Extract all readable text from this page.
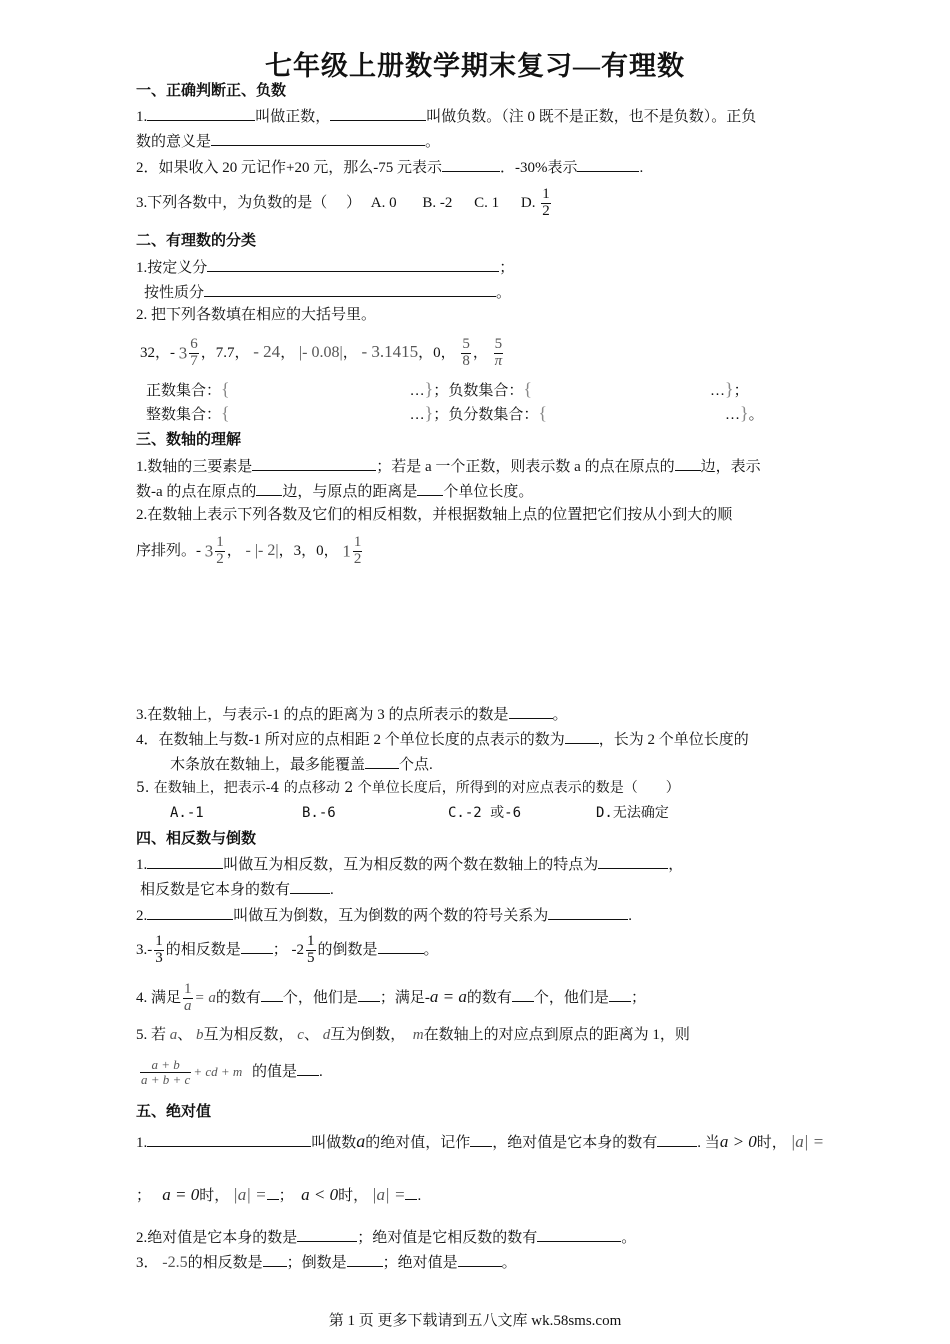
七年级上册数学期末复习—有理数
一、正确判断正、负数
1.	叫做正数，	叫做负数。（注 0 既不是正数，也不是负数）。正负
数的意义是	。
2．如果收入 20 元记作+20 元，那么-75 元表示	．-30%表示	.
3.下列各数中，为负数的是（　 ） A. 0 B. -2 C. 1 D. $\frac{1}{2}$
二、有理数的分类
1.按定义分	；
按性质分	。
2. 把下列各数填在相应的大括号里。
32，- $3 \frac{6}{7}$ ，7.7， - 24， |- 0.08|， - 3.1415，0， $\frac{5}{8}$ ， $\frac{5}{\pi}$
正数集合：{	…}；负数集合：{	…}；
整数集合：{	…}；负分数集合：{	…}。
三、数轴的理解
1.数轴的三要素是	；若是 a 一个正数，则表示数 a 的点在原点的 边，表示
数-a 的点在原点的 边，与原点的距离是 个单位长度。
2.在数轴上表示下列各数及它们的相反相数，并根据数轴上点的位置把它们按从小到大的顺
序排列。- $3 \frac{1}{2}$ ， - |- 2|，3，0， $1 \frac{1}{2}$
3.在数轴上，与表示-1 的点的距离为 3 的点所表示的数是	。
4．在数轴上与数-1 所对应的点相距 2 个单位长度的点表示的数为 ，长为 2 个单位长度的
木条放在数轴上，最多能覆盖 个点.
5. 在数轴上，把表示-4 的点移动 2 个单位长度后，所得到的对应点表示的数是（　　）
A.-1	B.-6	C.-2 或-6	D.无法确定
四、相反数与倒数
1.	叫做互为相反数，互为相反数的两个数在数轴上的特点为	，
相反数是它本身的数有	.
2.	叫做互为倒数，互为倒数的两个数的符号关系为	.
$3.- \frac{1}{3}$ 的相反数是 ； $-2 \frac{1}{5}$ 的倒数是	。
4. 满足 $\frac{1}{a} = a$的数有 个，他们是 ；满足-a = a的数有 个，他们是 ；
5. 若 a、 b互为相反数， c、 d互为倒数，　 m在数轴上的对应点到原点的距离为 1，则
$\frac{a + b}{a + b + c}$ + cd + m 的值是 .
五、绝对值
1.	叫做数a的绝对值，记作 ，绝对值是它本身的数有	. 当a > 0时， |a| =
； a = 0时， |a| = ； a < 0时， |a| = .
2.绝对值是它本身的数是	；绝对值是它相反数的数有	。
3． -2.5的相反数是 ；倒数是 ；绝对值是	。
第 1 页 更多下载请到五八文库 wk.58sms.com
